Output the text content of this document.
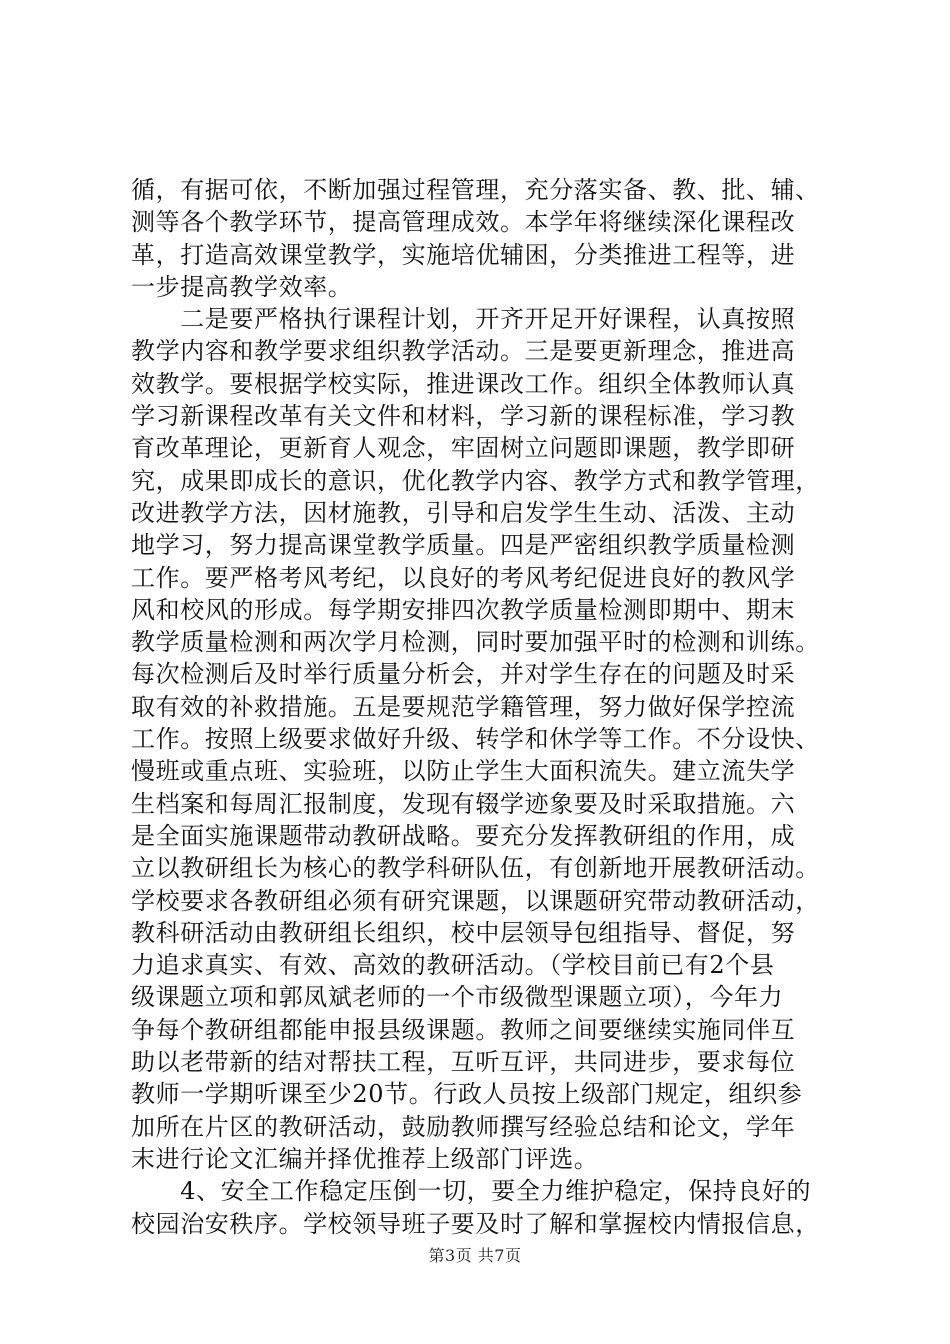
循，有据可依，不断加强过程管理，充分落实备、教、批、辅、
测等各个教学环节，提高管理成效。本学年将继续深化课程改
革，打造高效课堂教学，实施培优辅困，分类推进工程等，进
一步提高教学效率。
　　二是要严格执行课程计划，开齐开足开好课程，认真按照
教学内容和教学要求组织教学活动。三是要更新理念，推进高
效教学。要根据学校实际，推进课改工作。组织全体教师认真
学习新课程改革有关文件和材料，学习新的课程标准，学习教
育改革理论，更新育人观念，牢固树立问题即课题，教学即研
究，成果即成长的意识，优化教学内容、教学方式和教学管理，
改进教学方法，因材施教，引导和启发学生生动、活泼、主动
地学习，努力提高课堂教学质量。四是严密组织教学质量检测
工作。要严格考风考纪，以良好的考风考纪促进良好的教风学
风和校风的形成。每学期安排四次教学质量检测即期中、期末
教学质量检测和两次学月检测，同时要加强平时的检测和训练。
每次检测后及时举行质量分析会，并对学生存在的问题及时采
取有效的补救措施。五是要规范学籍管理，努力做好保学控流
工作。按照上级要求做好升级、转学和休学等工作。不分设快、
慢班或重点班、实验班，以防止学生大面积流失。建立流失学
生档案和每周汇报制度，发现有辍学迹象要及时采取措施。六
是全面实施课题带动教研战略。要充分发挥教研组的作用，成
立以教研组长为核心的教学科研队伍，有创新地开展教研活动。
学校要求各教研组必须有研究课题，以课题研究带动教研活动，
教科研活动由教研组长组织，校中层领导包组指导、督促，努
力追求真实、有效、高效的教研活动。（学校目前已有2个县
级课题立项和郭凤斌老师的一个市级微型课题立项），今年力
争每个教研组都能申报县级课题。教师之间要继续实施同伴互
助以老带新的结对帮扶工程，互听互评，共同进步，要求每位
教师一学期听课至少20节。行政人员按上级部门规定，组织参
加所在片区的教研活动，鼓励教师撰写经验总结和论文，学年
末进行论文汇编并择优推荐上级部门评选。
　　4、安全工作稳定压倒一切，要全力维护稳定，保持良好的
校园治安秩序。学校领导班子要及时了解和掌握校内情报信息，
第3页 共7页
